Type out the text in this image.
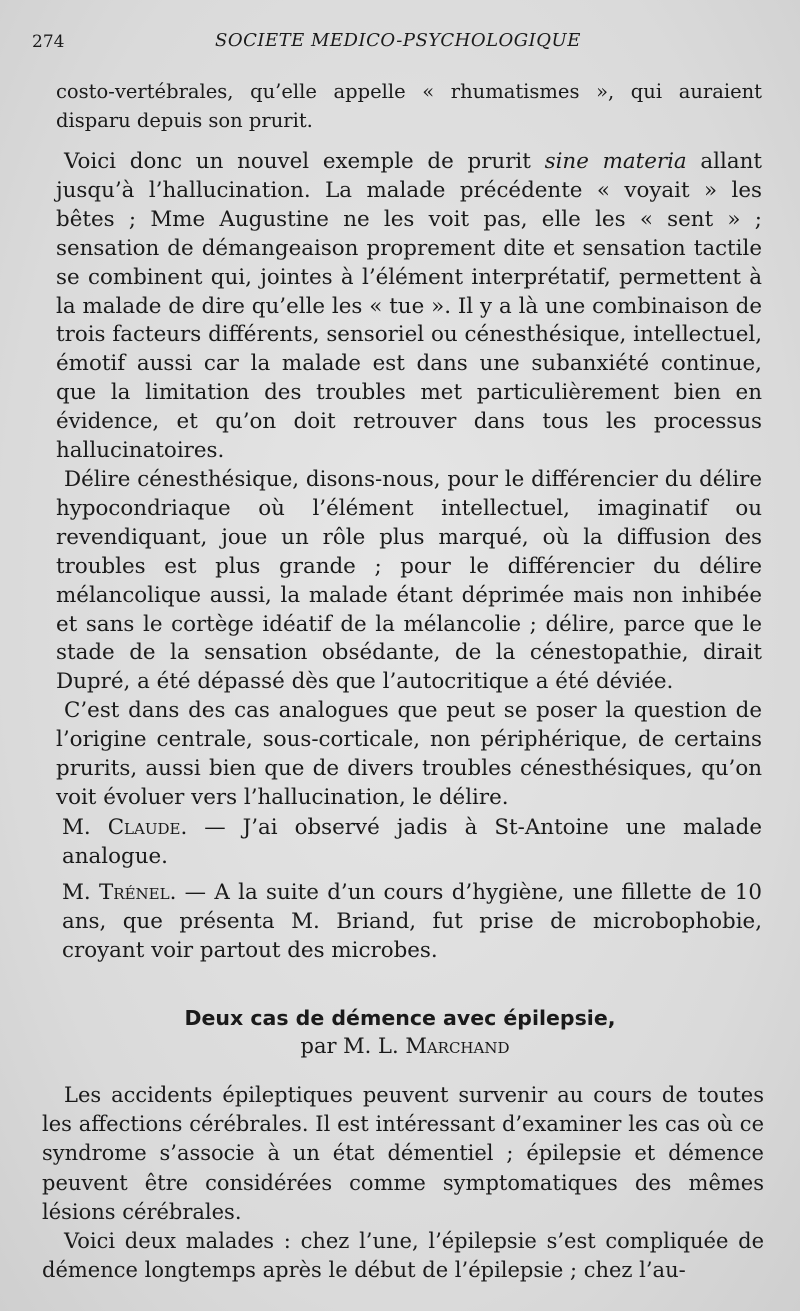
274	SOCIETE MEDICO-PSYCHOLOGIQUE

costo-vertébrales, qu’elle appelle « rhumatismes », qui auraient disparu depuis son prurit.

Voici donc un nouvel exemple de prurit sine materia allant jusqu’à l’hallucination. La malade précédente « voyait » les bêtes ; Mme Augustine ne les voit pas, elle les « sent » ; sensation de démangeaison proprement dite et sensation tactile se combinent qui, jointes à l’élément interprétatif, permettent à la malade de dire qu’elle les « tue ». Il y a là une combinaison de trois facteurs différents, sensoriel ou cénesthésique, intellectuel, émotif aussi car la malade est dans une subanxiété continue, que la limitation des troubles met particulièrement bien en évidence, et qu’on doit retrouver dans tous les processus hallucinatoires.

Délire cénesthésique, disons-nous, pour le différencier du délire hypocondriaque où l’élément intellectuel, imaginatif ou revendiquant, joue un rôle plus marqué, où la diffusion des troubles est plus grande ; pour le différencier du délire mélancolique aussi, la malade étant déprimée mais non inhibée et sans le cortège idéatif de la mélancolie ; délire, parce que le stade de la sensation obsédante, de la cénestopathie, dirait Dupré, a été dépassé dès que l’autocritique a été déviée.

C’est dans des cas analogues que peut se poser la question de l’origine centrale, sous-corticale, non périphérique, de certains prurits, aussi bien que de divers troubles cénesthésiques, qu’on voit évoluer vers l’hallucination, le délire.

M. Claude. — J’ai observé jadis à St-Antoine une malade analogue.

M. Trénel. — A la suite d’un cours d’hygiène, une fillette de 10 ans, que présenta M. Briand, fut prise de microbophobie, croyant voir partout des microbes.

Deux cas de démence avec épilepsie,
par M. L. Marchand

Les accidents épileptiques peuvent survenir au cours de toutes les affections cérébrales. Il est intéressant d’examiner les cas où ce syndrome s’associe à un état démentiel ; épilepsie et démence peuvent être considérées comme symptomatiques des mêmes lésions cérébrales.

Voici deux malades : chez l’une, l’épilepsie s’est compliquée de démence longtemps après le début de l’épilepsie ; chez l’au-
